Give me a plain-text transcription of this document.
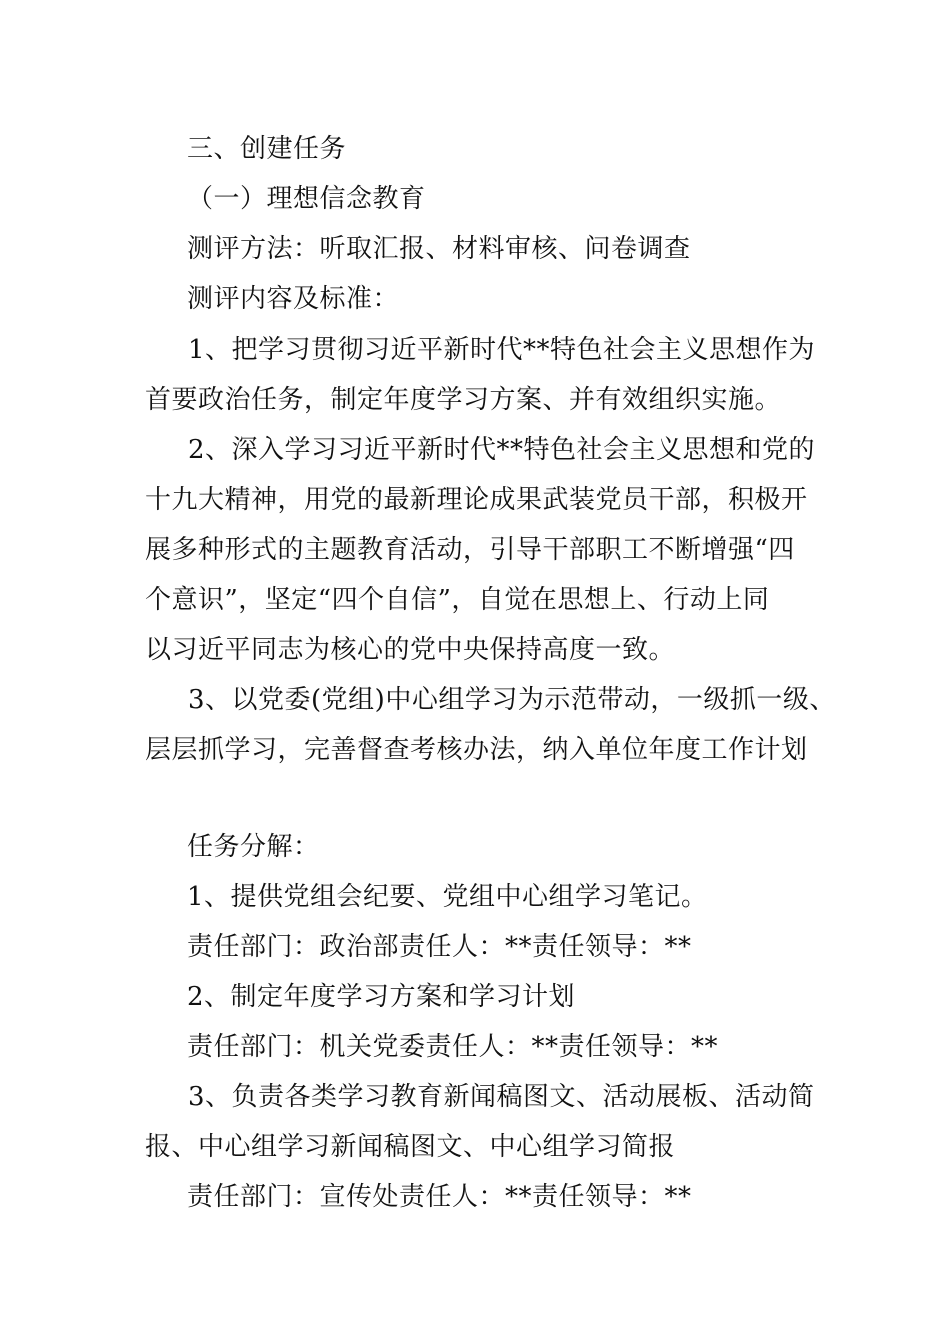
三、创建任务
（一）理想信念教育
测评方法：听取汇报、材料审核、问卷调查
测评内容及标准：
1、把学习贯彻习近平新时代**特色社会主义思想作为
首要政治任务，制定年度学习方案、并有效组织实施。
2、深入学习习近平新时代**特色社会主义思想和党的
十九大精神，用党的最新理论成果武装党员干部，积极开
展多种形式的主题教育活动，引导干部职工不断增强“四
个意识”，坚定“四个自信”，自觉在思想上、行动上同
以习近平同志为核心的党中央保持高度一致。
3、以党委(党组)中心组学习为示范带动，一级抓一级、
层层抓学习，完善督查考核办法，纳入单位年度工作计划
任务分解：
1、提供党组会纪要、党组中心组学习笔记。
责任部门：政治部责任人：**责任领导：**
2、制定年度学习方案和学习计划
责任部门：机关党委责任人：**责任领导：**
3、负责各类学习教育新闻稿图文、活动展板、活动简
报、中心组学习新闻稿图文、中心组学习简报
责任部门：宣传处责任人：**责任领导：**
